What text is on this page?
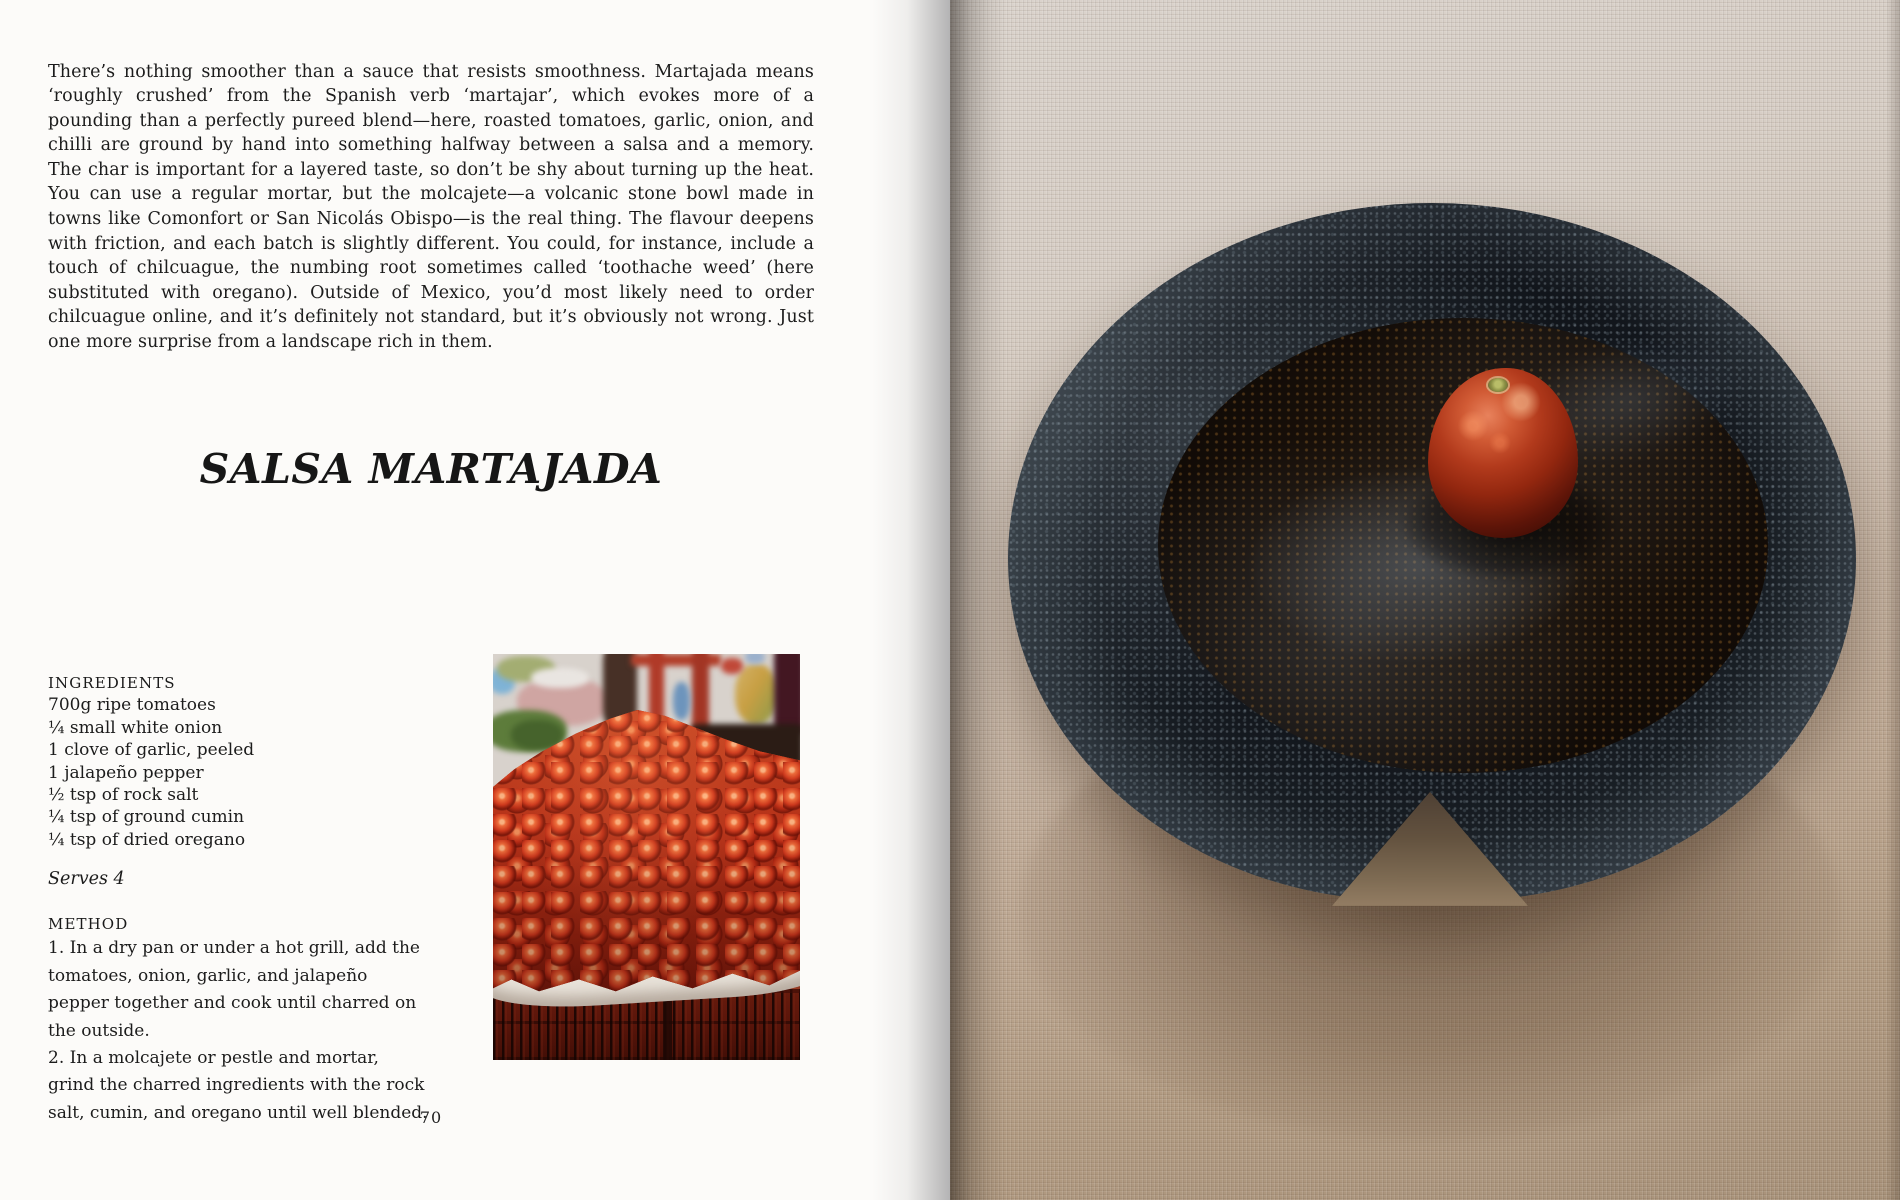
There’s nothing smoother than a sauce that resists smoothness. Martajada means ‘roughly crushed’ from the Spanish verb ‘martajar’, which evokes more of a pounding than a perfectly pureed blend—here, roasted tomatoes, garlic, onion, and chilli are ground by hand into something halfway between a salsa and a memory. The char is important for a layered taste, so don’t be shy about turning up the heat. You can use a regular mortar, but the molcajete—a volcanic stone bowl made in towns like Comonfort or San Nicolás Obispo—is the real thing. The flavour deepens with friction, and each batch is slightly different. You could, for instance, include a touch of chilcuague, the numbing root sometimes called ‘toothache weed’ (here substituted with oregano). Outside of Mexico, you’d most likely need to order chilcuague online, and it’s definitely not standard, but it’s obviously not wrong. Just one more surprise from a landscape rich in them.

SALSA MARTAJADA
INGREDIENTS
700g ripe tomatoes
¼ small white onion
1 clove of garlic, peeled
1 jalapeño pepper
½ tsp of rock salt
¼ tsp of ground cumin
¼ tsp of dried oregano
Serves 4
METHOD
1. In a dry pan or under a hot grill, add the tomatoes, onion, garlic, and jalapeño pepper together and cook until charred on the outside.
2. In a molcajete or pestle and mortar, grind the charred ingredients with the rock salt, cumin, and oregano until well blended.
70
